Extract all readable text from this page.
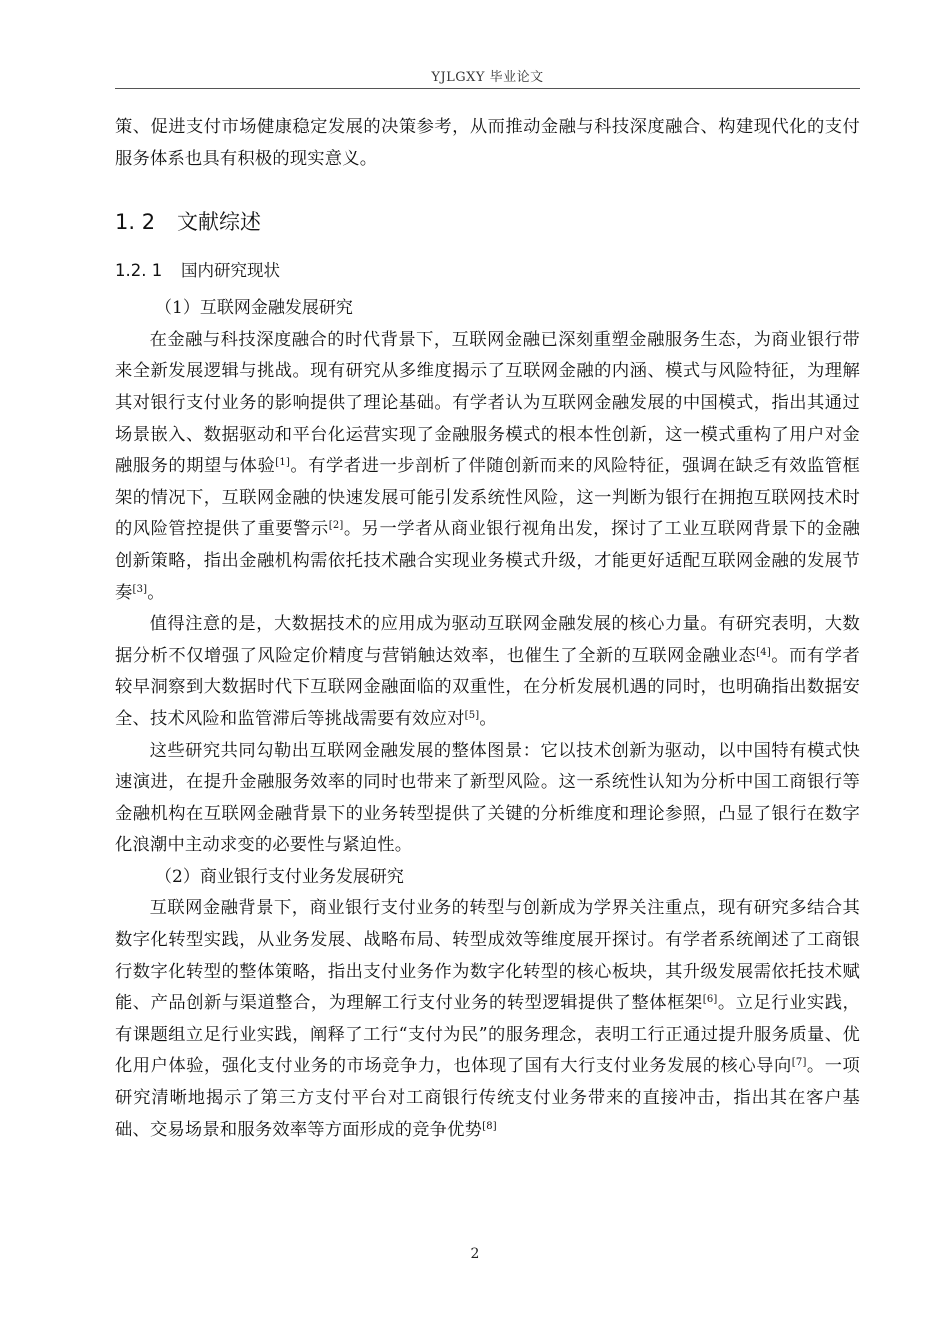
YJLGXY 毕业论文

策、促进支付市场健康稳定发展的决策参考，从而推动金融与科技深度融合、构建现代化的支付服务体系也具有积极的现实意义。

1. 2 文献综述
1.2. 1 国内研究现状

（1）互联网金融发展研究

在金融与科技深度融合的时代背景下，互联网金融已深刻重塑金融服务生态，为商业银行带来全新发展逻辑与挑战。现有研究从多维度揭示了互联网金融的内涵、模式与风险特征，为理解其对银行支付业务的影响提供了理论基础。有学者认为互联网金融发展的中国模式，指出其通过场景嵌入、数据驱动和平台化运营实现了金融服务模式的根本性创新，这一模式重构了用户对金融服务的期望与体验[1]。有学者进一步剖析了伴随创新而来的风险特征，强调在缺乏有效监管框架的情况下，互联网金融的快速发展可能引发系统性风险，这一判断为银行在拥抱互联网技术时的风险管控提供了重要警示[2]。另一学者从商业银行视角出发，探讨了工业互联网背景下的金融创新策略，指出金融机构需依托技术融合实现业务模式升级，才能更好适配互联网金融的发展节奏[3]。

值得注意的是，大数据技术的应用成为驱动互联网金融发展的核心力量。有研究表明，大数据分析不仅增强了风险定价精度与营销触达效率，也催生了全新的互联网金融业态[4]。而有学者较早洞察到大数据时代下互联网金融面临的双重性，在分析发展机遇的同时，也明确指出数据安全、技术风险和监管滞后等挑战需要有效应对[5]。

这些研究共同勾勒出互联网金融发展的整体图景：它以技术创新为驱动，以中国特有模式快速演进，在提升金融服务效率的同时也带来了新型风险。这一系统性认知为分析中国工商银行等金融机构在互联网金融背景下的业务转型提供了关键的分析维度和理论参照，凸显了银行在数字化浪潮中主动求变的必要性与紧迫性。

（2）商业银行支付业务发展研究

互联网金融背景下，商业银行支付业务的转型与创新成为学界关注重点，现有研究多结合其数字化转型实践，从业务发展、战略布局、转型成效等维度展开探讨。有学者系统阐述了工商银行数字化转型的整体策略，指出支付业务作为数字化转型的核心板块，其升级发展需依托技术赋能、产品创新与渠道整合，为理解工行支付业务的转型逻辑提供了整体框架[6]。立足行业实践，有课题组立足行业实践，阐释了工行“支付为民”的服务理念，表明工行正通过提升服务质量、优化用户体验，强化支付业务的市场竞争力，也体现了国有大行支付业务发展的核心导向[7]。一项研究清晰地揭示了第三方支付平台对工商银行传统支付业务带来的直接冲击，指出其在客户基础、交易场景和服务效率等方面形成的竞争优势[8]

2
